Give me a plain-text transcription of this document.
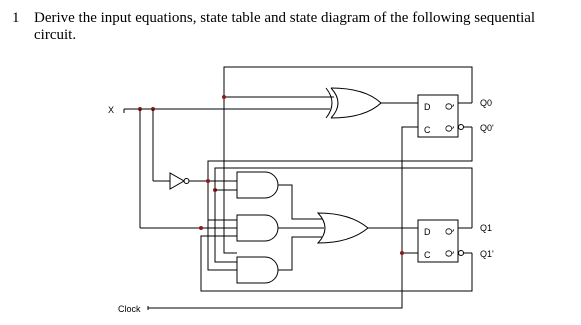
1 Derive the input equations, state table and state diagram of the following sequential circuit.
D
C
Q
Q
Q0
Q0'
D
C
Q
Q
Q1
Q1'
X
Clock
